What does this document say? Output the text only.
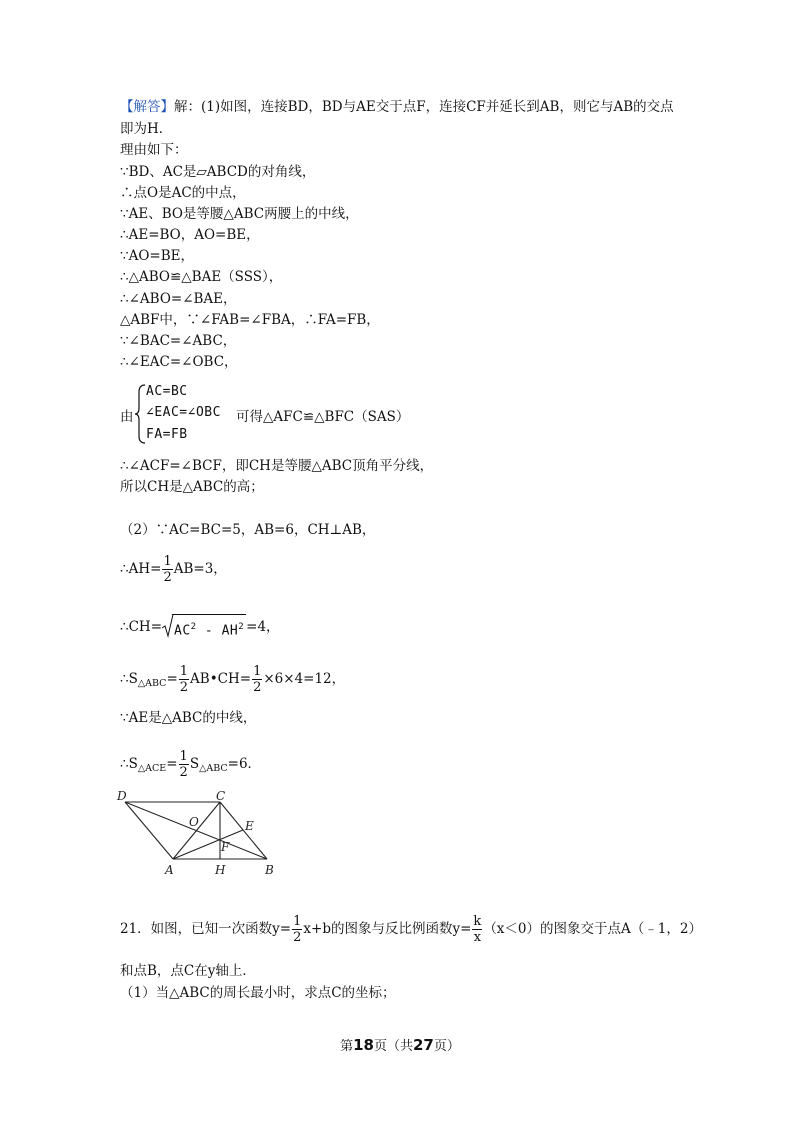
【解答】解：(1)如图，连接BD，BD与AE交于点F，连接CF并延长到AB，则它与AB的交点
即为H．
理由如下：
∵BD、AC是▱ABCD的对角线，
∴点O是AC的中点，
∵AE、BO是等腰△ABC两腰上的中线，
∴AE=BO，AO=BE，
∵AO=BE，
∴△ABO≌△BAE（SSS），
∴∠ABO=∠BAE，
△ABF中，∵∠FAB=∠FBA，∴FA=FB，
∵∠BAC=∠ABC，
∴∠EAC=∠OBC，
由
AC=BC
∠EAC=∠OBC
FA=FB
可得△AFC≌△BFC（SAS）
∴∠ACF=∠BCF，即CH是等腰△ABC顶角平分线，
所以CH是△ABC的高；
（2）∵AC=BC=5，AB=6，CH⊥AB，
∴AH= $\frac{1}{2} AB=3$，
∴CH= $AC^2 - AH^2 =4$，
$\therefore S_{\triangle ABC}= \frac{1}{2}$ AB•CH= $\frac{1}{2} \times 6\times 4=12$，
∵AE是△ABC的中线，
$\therefore S_{\triangle ACE}= \frac{1}{2} S_{\triangle ABC}=6$．
D	C
O	E
F
A	H	B
21．如图，已知一次函数$y= \frac{1}{2} x+b$的图象与反比例函数$y= \frac{k}{x} (x<0)$的图象交于点A（﹣1，2）
和点B，点C在y轴上．
（1）当△ABC的周长最小时，求点C的坐标；
第18页（共27页）
